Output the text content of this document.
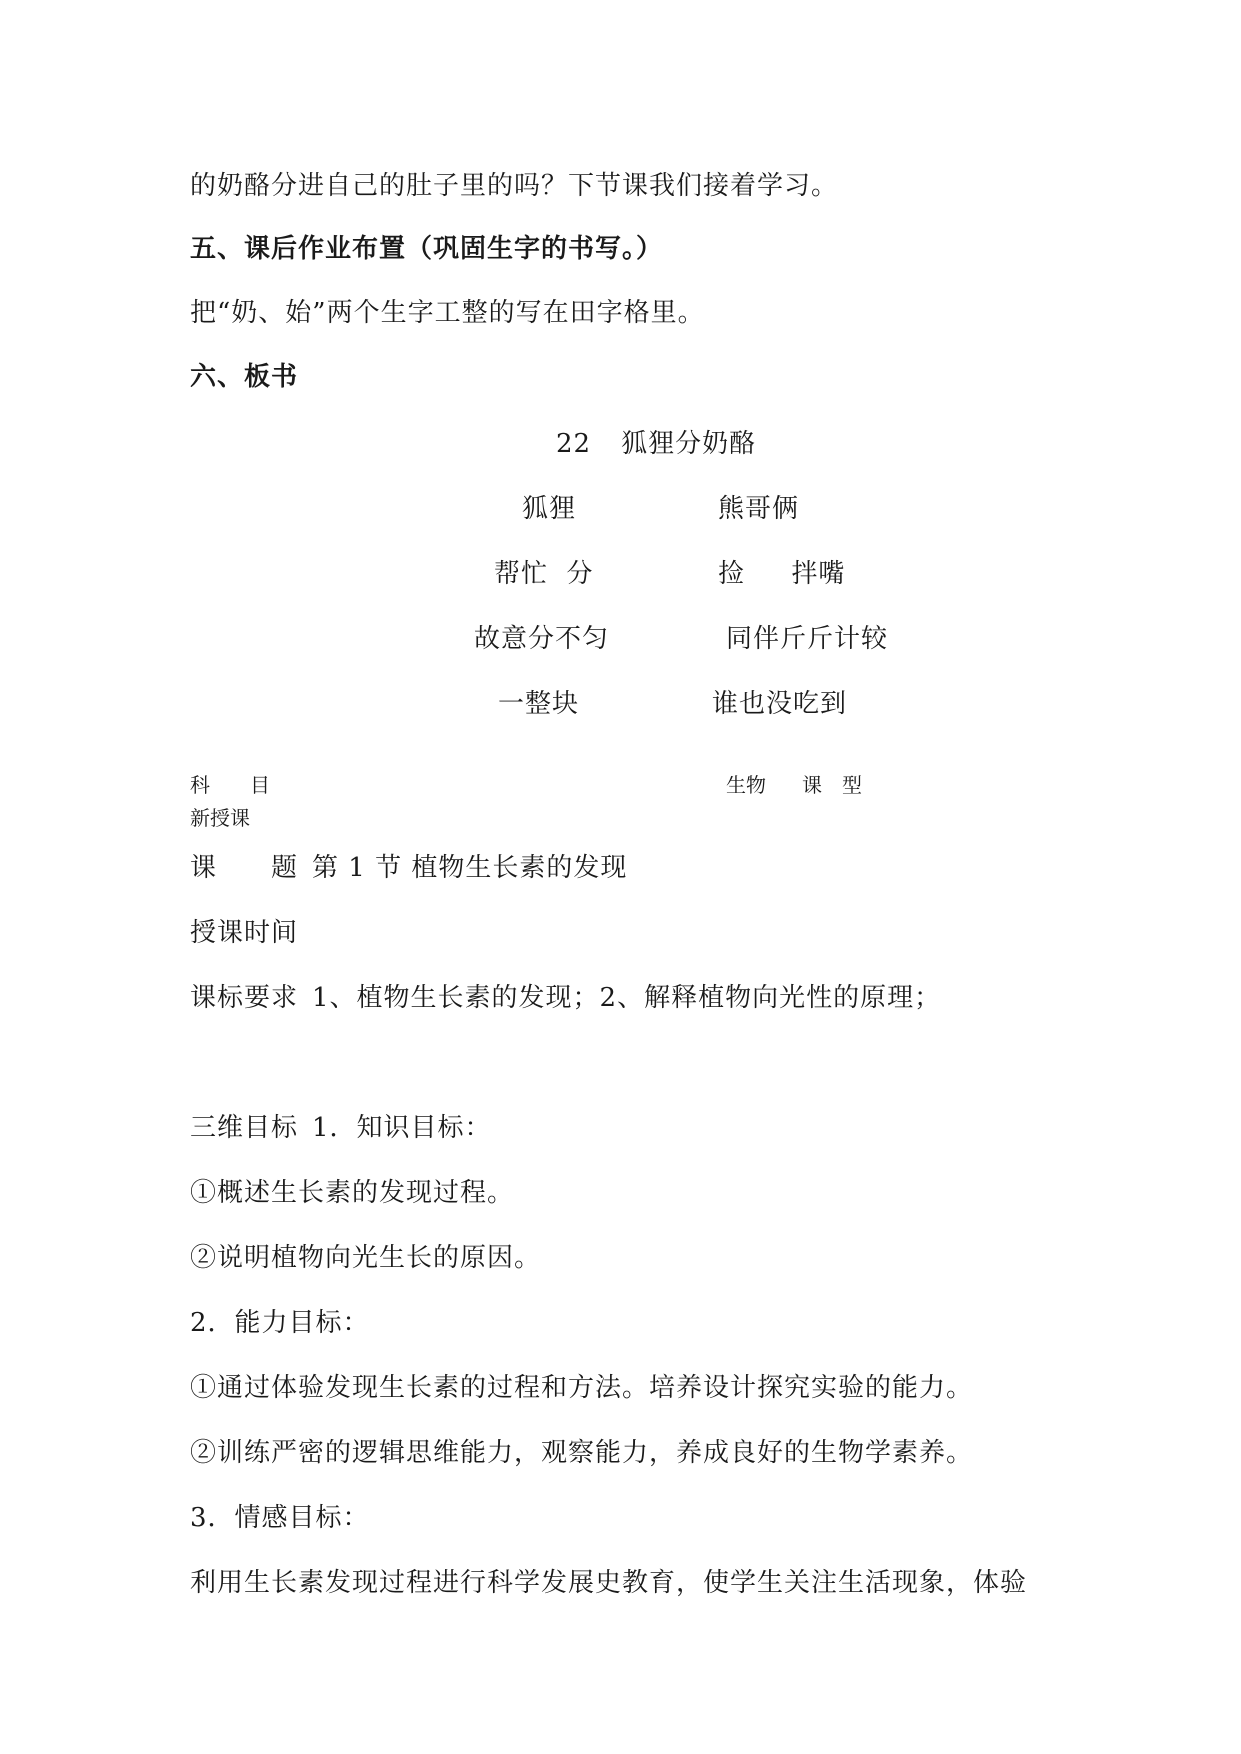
的奶酪分进自己的肚子里的吗？下节课我们接着学习。
五、课后作业布置（巩固生字的书写。）
把“奶、始”两个生字工整的写在田字格里。
六、板书
22 狐狸分奶酪
狐狸	熊哥俩
帮忙  分	捡     拌嘴
故意分不匀	同伴斤斤计较
一整块	谁也没吃到
科　　目	生物 课　型
新授课
课　　题 第 1 节 植物生长素的发现
授课时间
课标要求 1、植物生长素的发现；2、解释植物向光性的原理；
三维目标 1．知识目标：
①概述生长素的发现过程。
②说明植物向光生长的原因。
2．能力目标：
①通过体验发现生长素的过程和方法。培养设计探究实验的能力。
②训练严密的逻辑思维能力，观察能力，养成良好的生物学素养。
3．情感目标：
利用生长素发现过程进行科学发展史教育，使学生关注生活现象，体验
